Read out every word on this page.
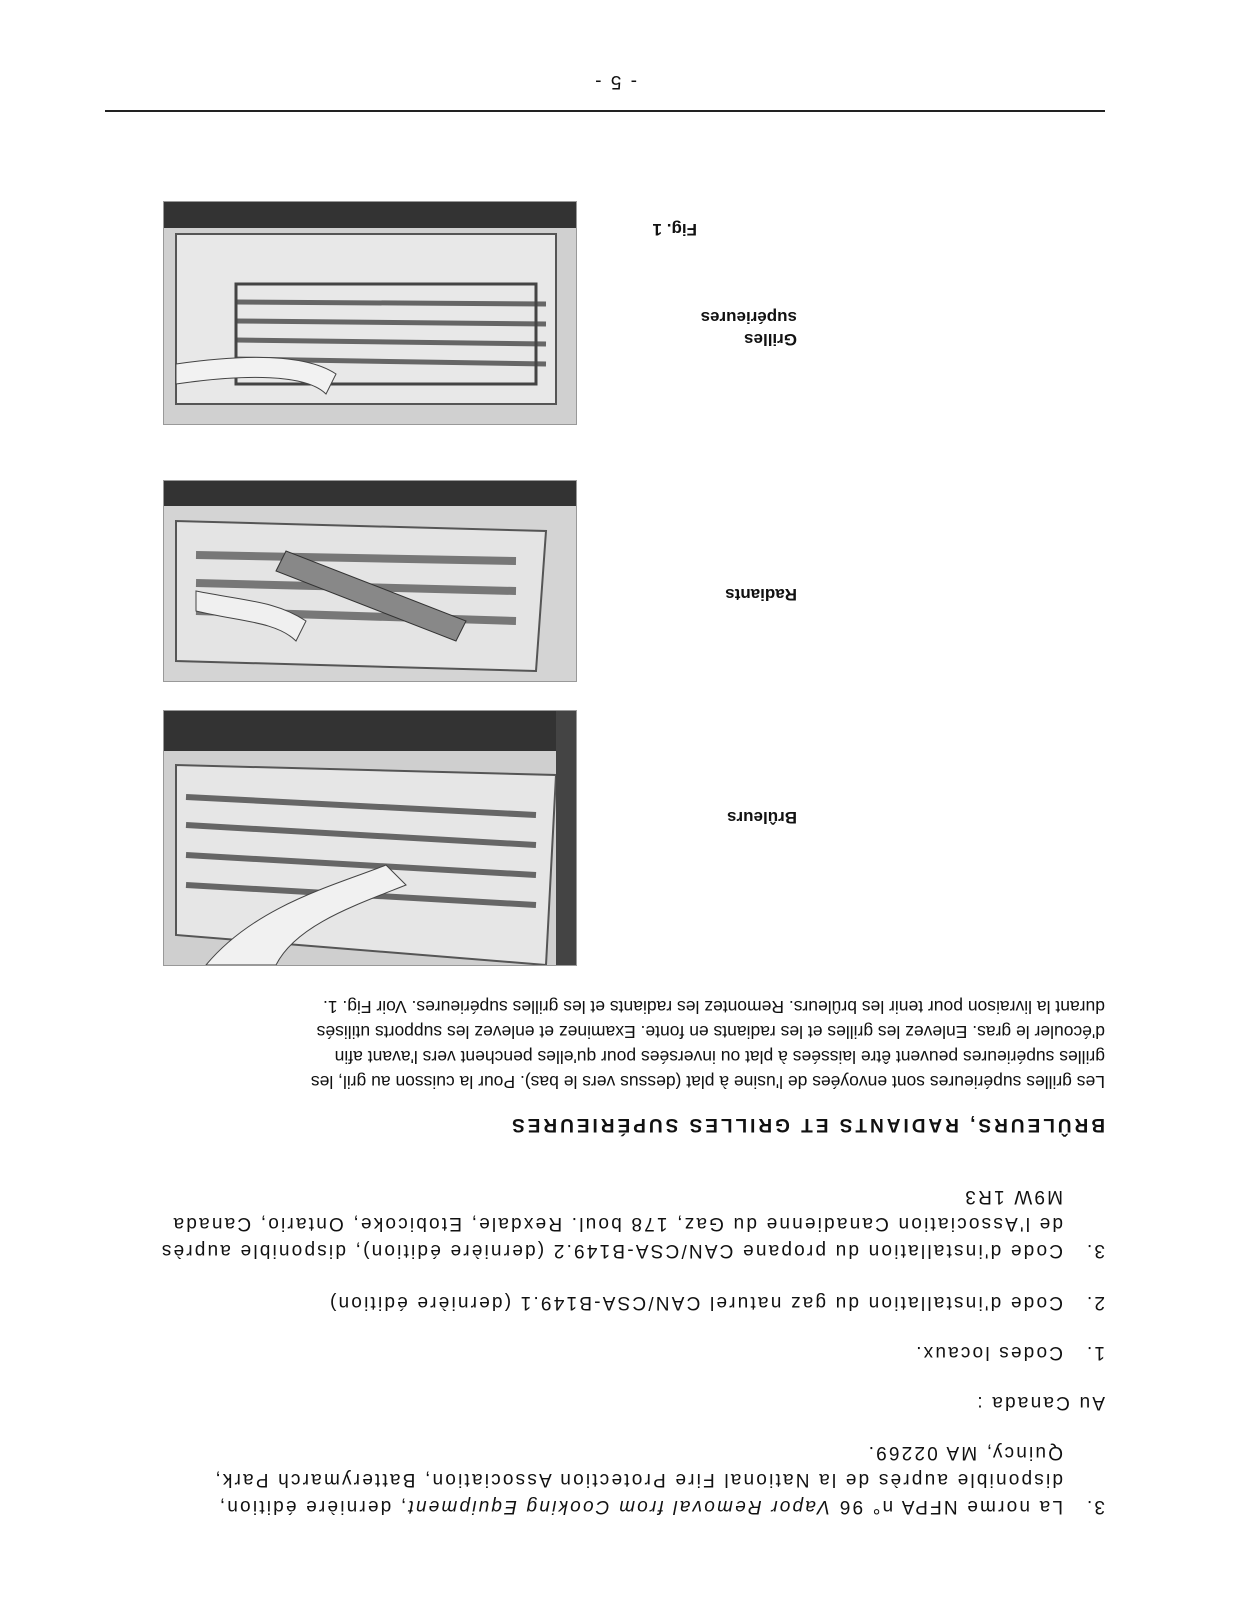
3.
La norme NFPA n° 96 Vapor Removal from Cooking Equipment, dernière édition,
disponible auprès de la National Fire Protection Association, Batterymarch Park,
Quincy, MA 02269.
Au Canada :
1.
Codes locaux.
2.
Code d'installation du gaz naturel CAN/CSA-B149.1 (dernière édition)
3.
Code d'installation du propane CAN/CSA-B149.2 (dernière édition), disponible auprès
de l'Association Canadienne du Gaz, 178 boul. Rexdale, Etobicoke, Ontario, Canada
M9W 1R3
BRÛLEURS, RADIANTS ET GRILLES SUPÉRIEURES
Les grilles supérieures sont envoyées de l'usine à plat (dessus vers le bas). Pour la cuisson au gril, les
grilles supérieures peuvent être laissées à plat ou inversées pour qu'elles penchent vers l'avant afin
d'écouler le gras. Enlevez les grilles et les radiants en fonte. Examinez et enlevez les supports utilisés
durant la livraison pour tenir les brûleurs. Remontez les radiants et les grilles supérieures. Voir Fig. 1.
Brûleurs
Radiants
Grilles
supérieures
Fig. 1
- 5 -
